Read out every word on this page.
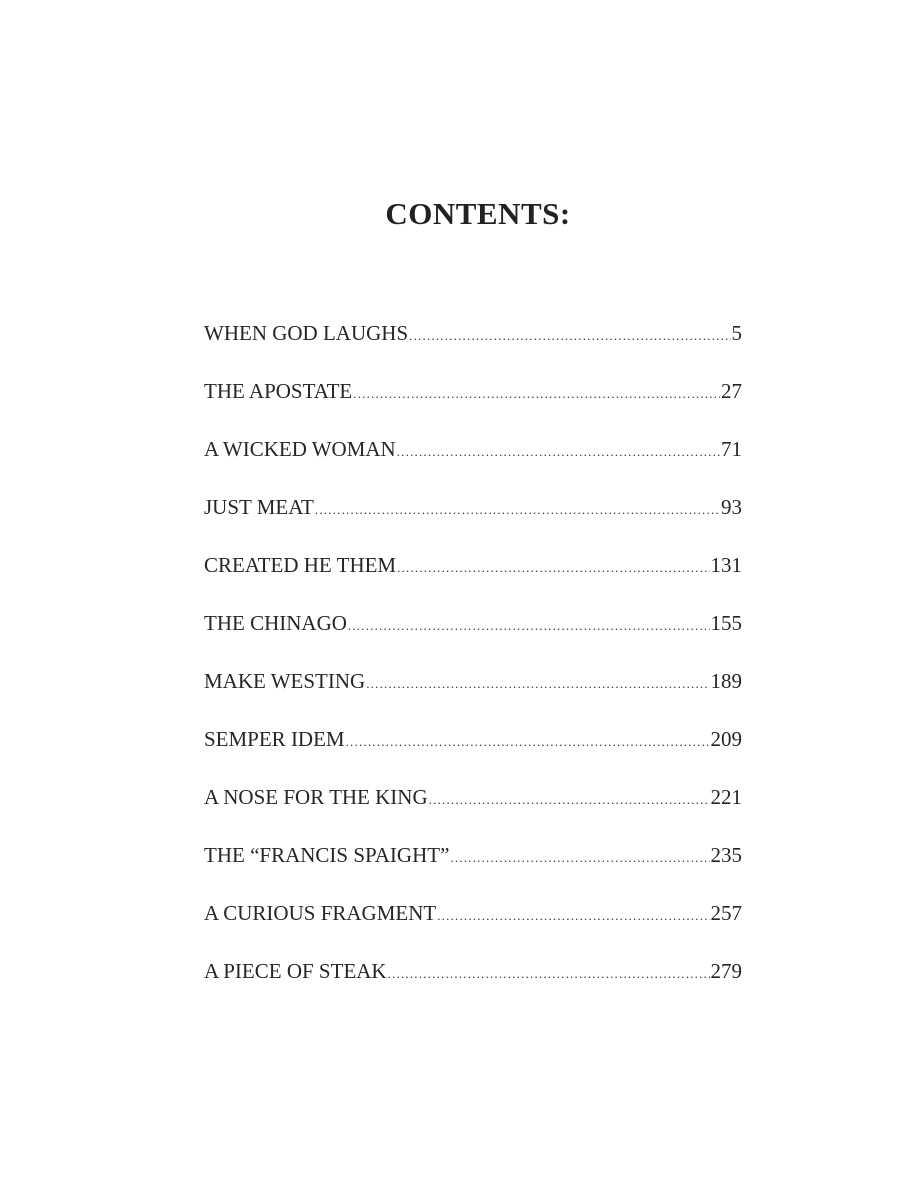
CONTENTS:
WHEN GOD LAUGHS .....	5
THE APOSTATE .....	27
A WICKED WOMAN .....	71
JUST MEAT .....	93
CREATED HE THEM .....	131
THE CHINAGO .....	155
MAKE WESTING .....	189
SEMPER IDEM .....	209
A NOSE FOR THE KING .....	221
THE “FRANCIS SPAIGHT” .....	235
A CURIOUS FRAGMENT .....	257
A PIECE OF STEAK .....	279
